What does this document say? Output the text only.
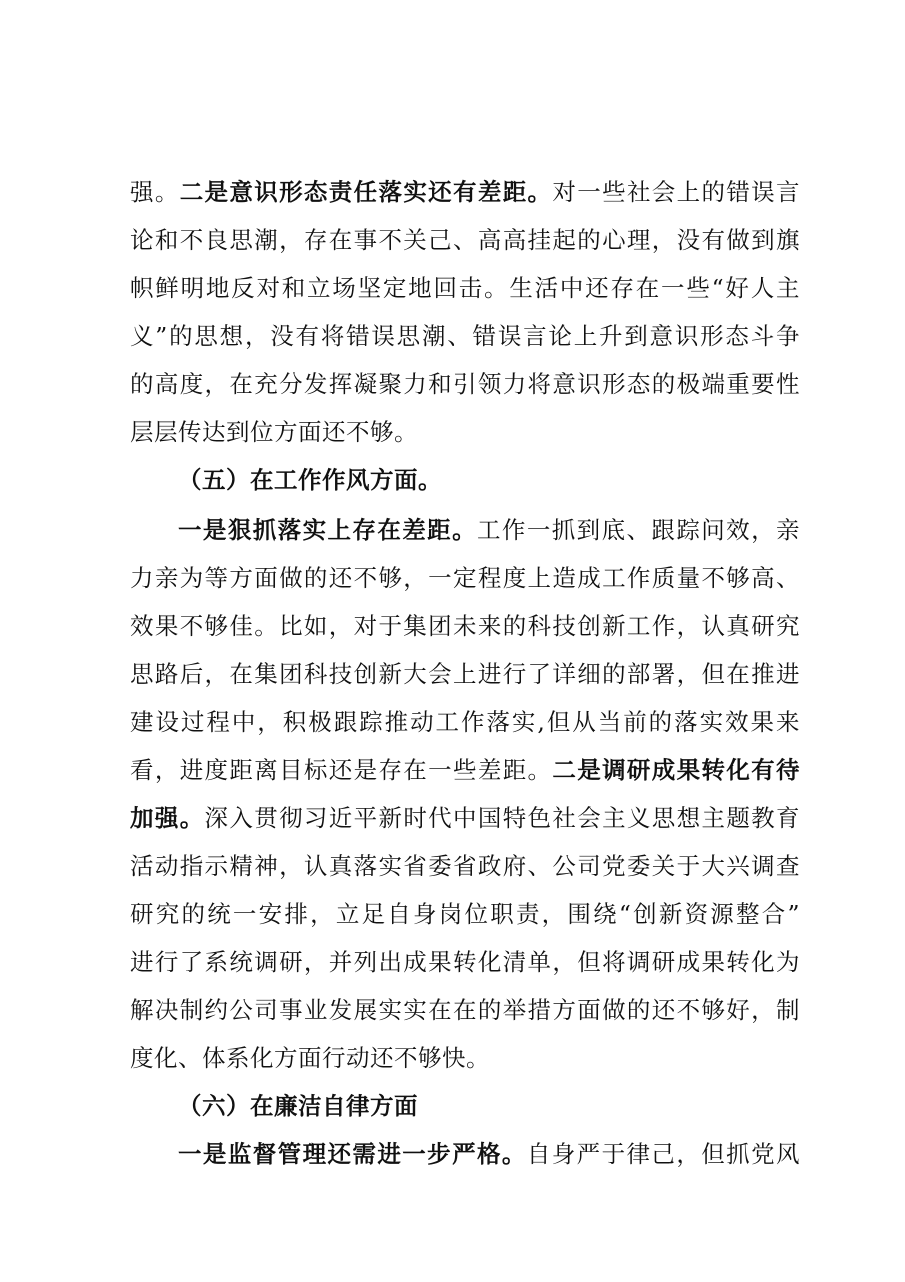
强。二是意识形态责任落实还有差距。对一些社会上的错误言
论和不良思潮，存在事不关己、高高挂起的心理，没有做到旗
帜鲜明地反对和立场坚定地回击。生活中还存在一些“好人主
义”的思想，没有将错误思潮、错误言论上升到意识形态斗争
的高度，在充分发挥凝聚力和引领力将意识形态的极端重要性
层层传达到位方面还不够。
（五）在工作作风方面。
一是狠抓落实上存在差距。工作一抓到底、跟踪问效，亲
力亲为等方面做的还不够，一定程度上造成工作质量不够高、
效果不够佳。比如，对于集团未来的科技创新工作，认真研究
思路后，在集团科技创新大会上进行了详细的部署，但在推进
建设过程中，积极跟踪推动工作落实,但从当前的落实效果来
看，进度距离目标还是存在一些差距。二是调研成果转化有待
加强。深入贯彻习近平新时代中国特色社会主义思想主题教育
活动指示精神，认真落实省委省政府、公司党委关于大兴调查
研究的统一安排，立足自身岗位职责，围绕“创新资源整合”
进行了系统调研，并列出成果转化清单，但将调研成果转化为
解决制约公司事业发展实实在在的举措方面做的还不够好，制
度化、体系化方面行动还不够快。
（六）在廉洁自律方面
一是监督管理还需进一步严格。自身严于律己，但抓党风
